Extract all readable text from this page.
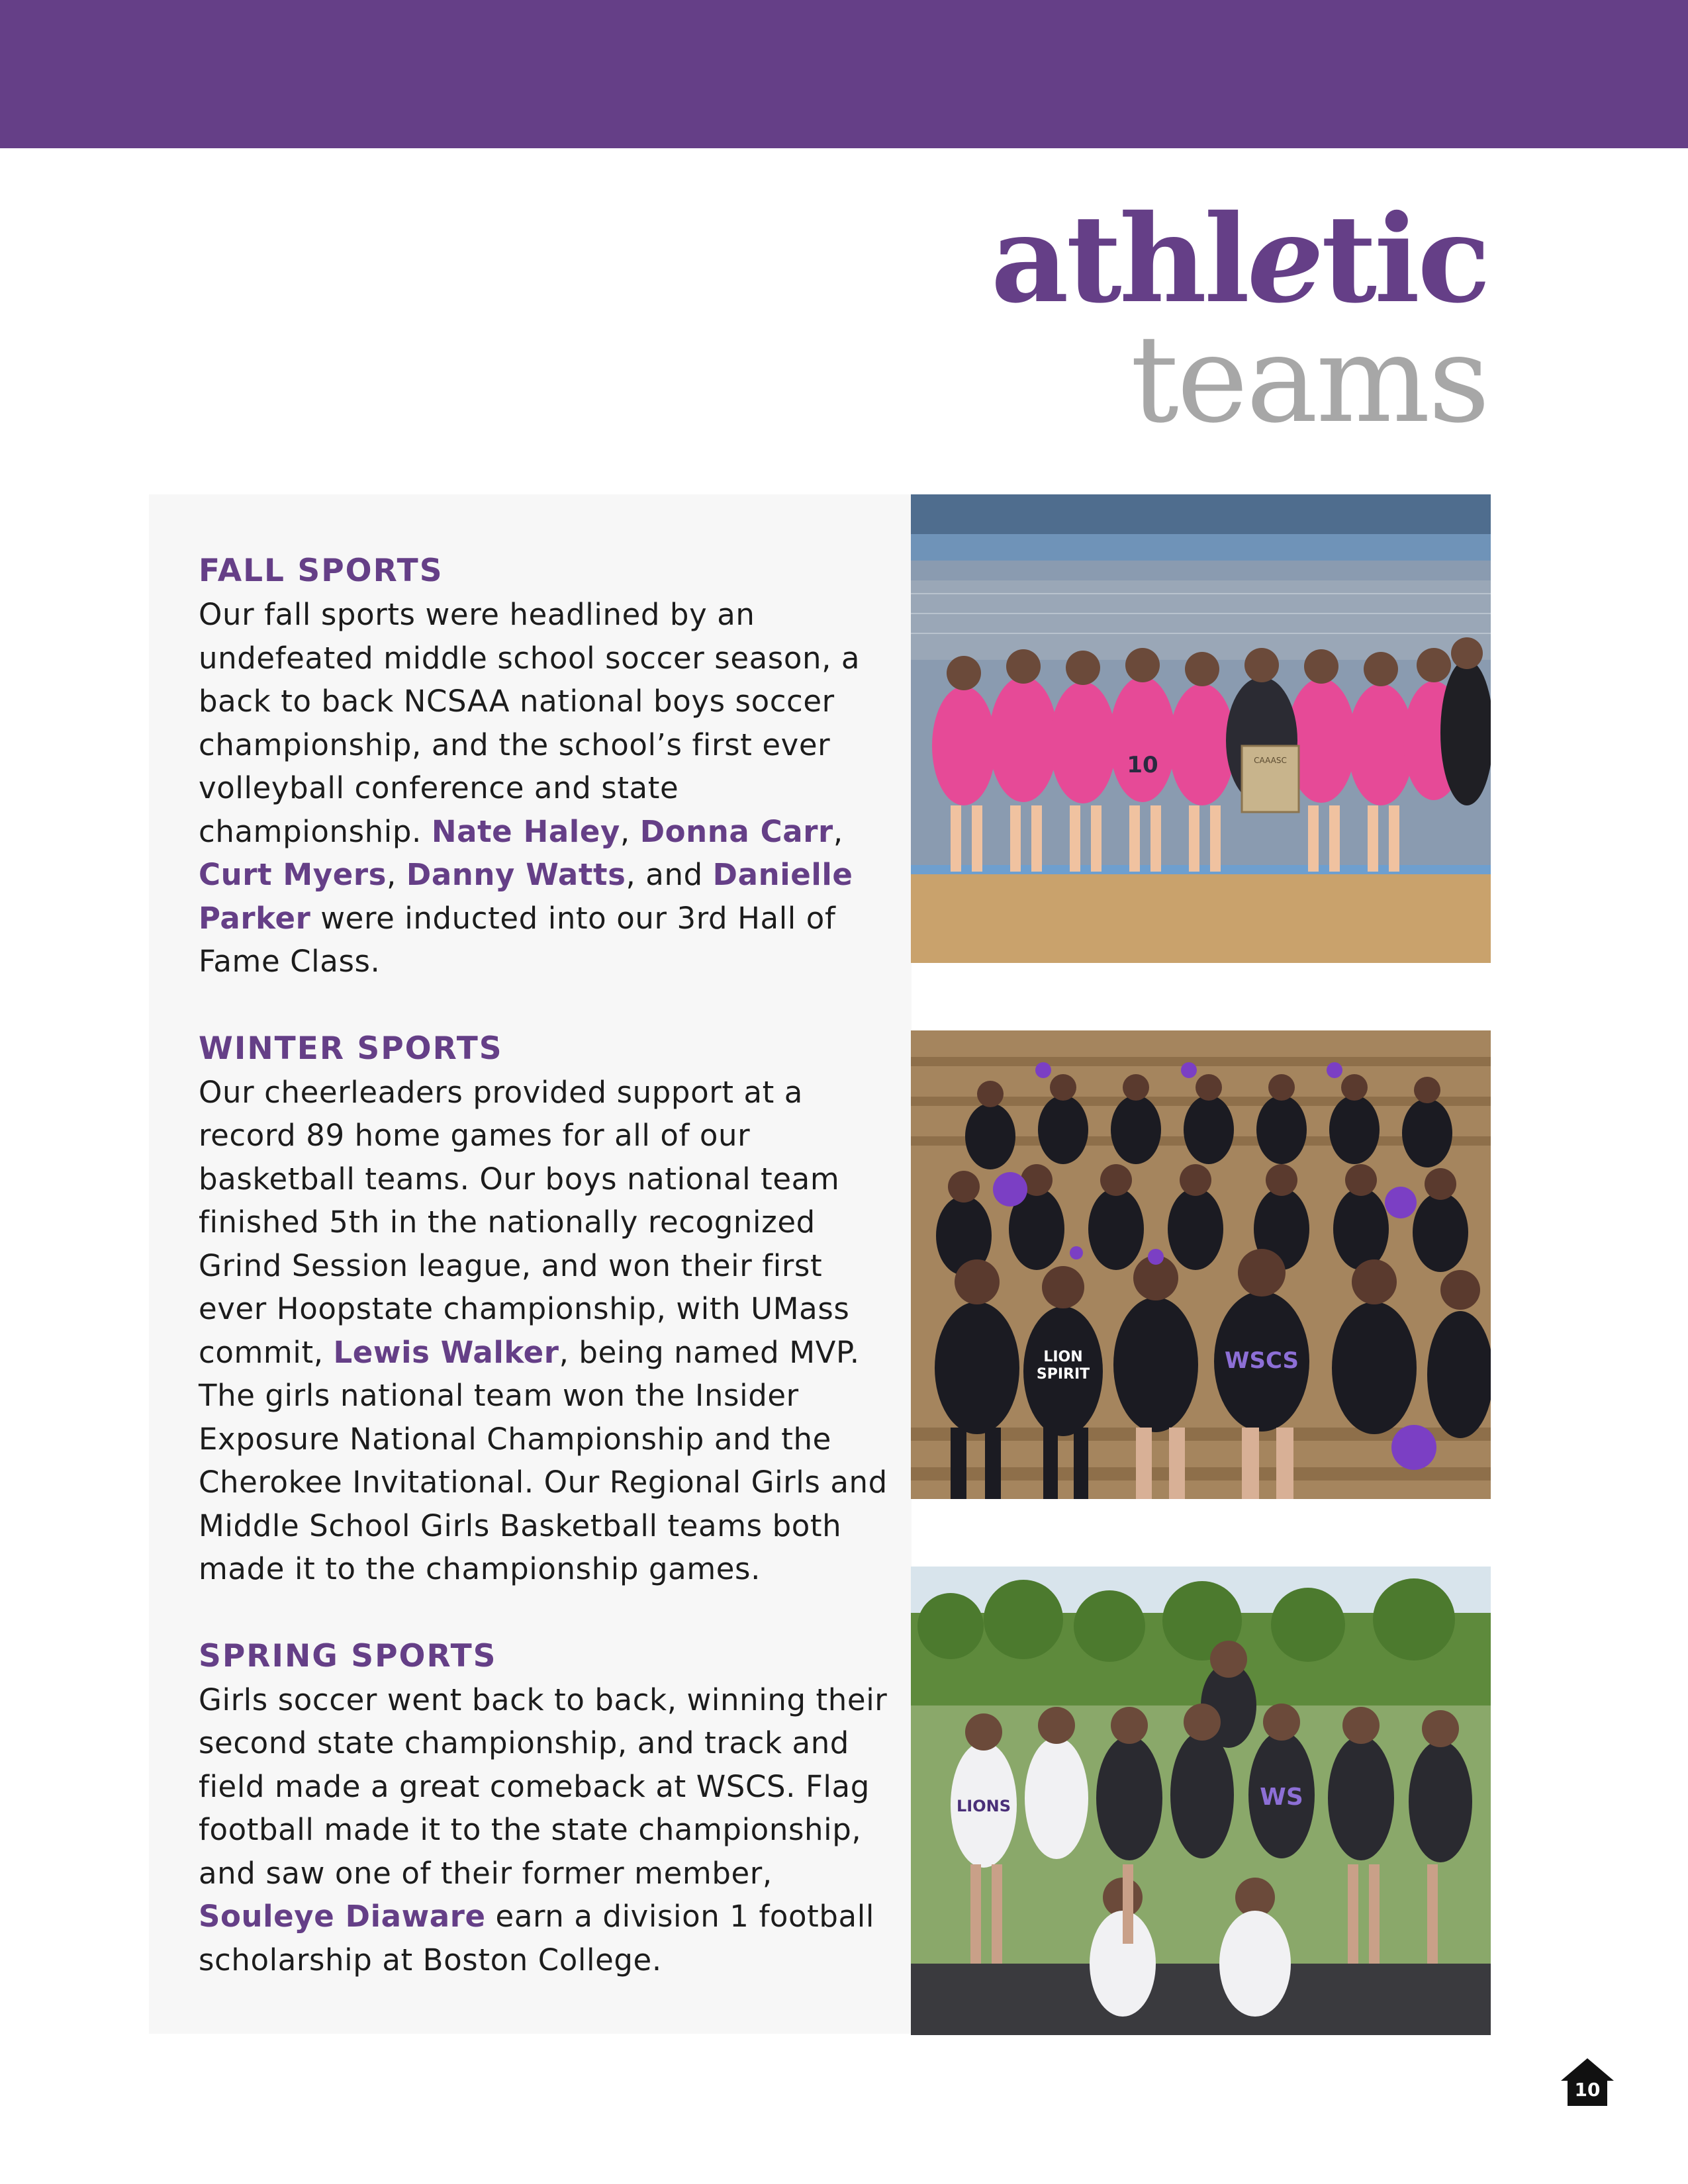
athletic
teams
FALL SPORTS
Our fall sports were headlined by an undefeated middle school soccer season, a back to back NCSAA national boys soccer championship, and the school’s first ever volleyball conference and state championship. Nate Haley, Donna Carr, Curt Myers, Danny Watts, and Danielle Parker were inducted into our 3rd Hall of Fame Class.
WINTER SPORTS
Our cheerleaders provided support at a record 89 home games for all of our basketball teams. Our boys national team finished 5th in the nationally recognized Grind Session league, and won their first ever Hoopstate championship, with UMass commit, Lewis Walker, being named MVP. The girls national team won the Insider Exposure National Championship and the Cherokee Invitational. Our Regional Girls and Middle School Girls Basketball teams both made it to the championship games.
SPRING SPORTS
Girls soccer went back to back, winning their second state championship, and track and field made a great comeback at WSCS. Flag football made it to the state championship, and saw one of their former member, Souleye Diaware earn a division 1 football scholarship at Boston College.
CAAASC
10
WSCS
LION
SPIRIT
LIONS	WS
10
